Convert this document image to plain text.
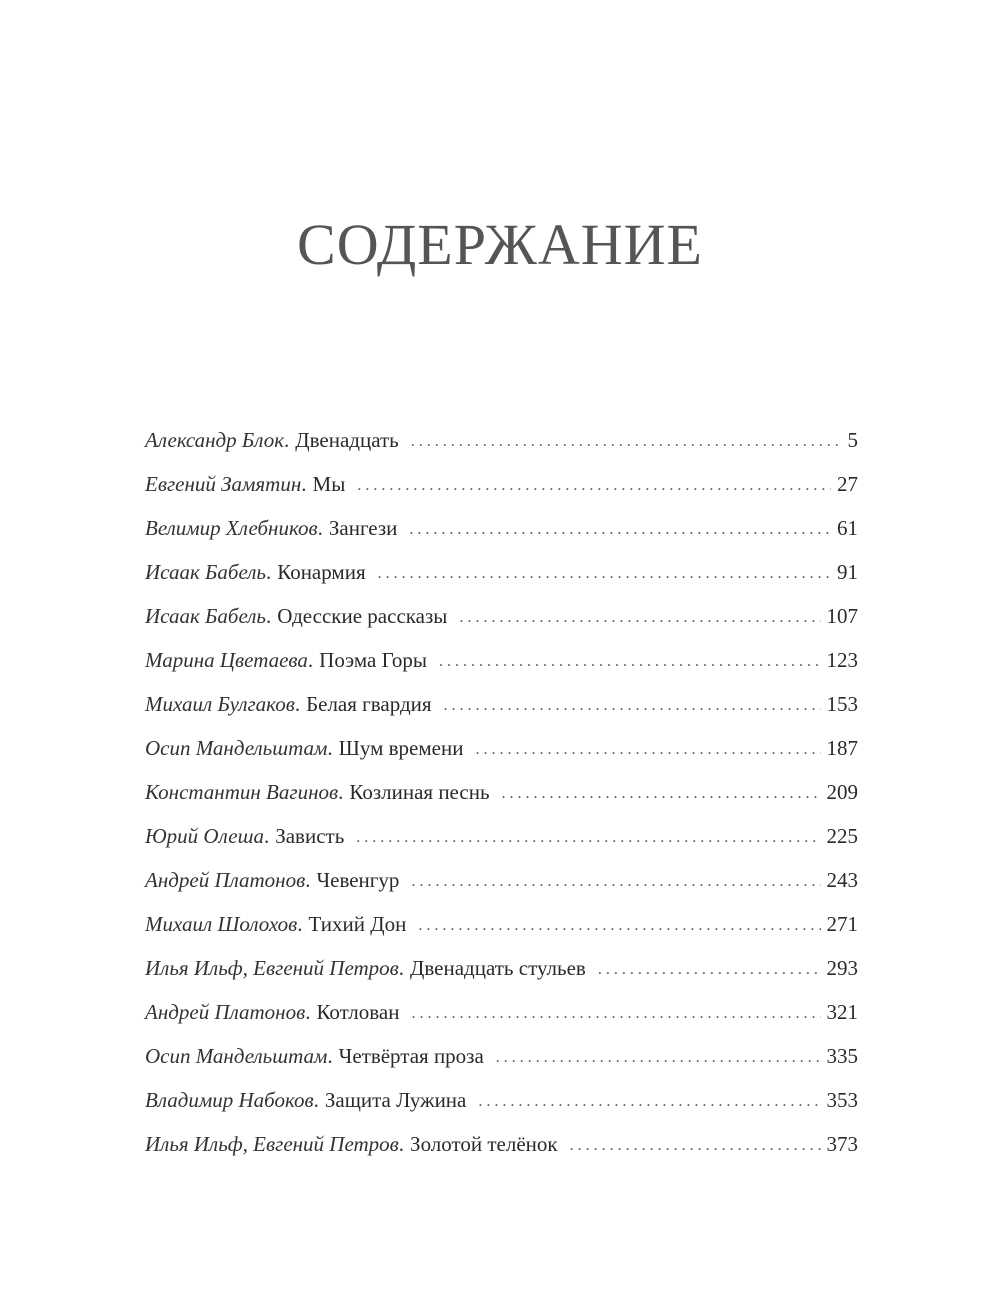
СОДЕРЖАНИЕ
Александр Блок . Двенадцать . . .	5
Евгений Замятин . Мы . . .	27
Велимир Хлебников . Зангези . . .	61
Исаак Бабель . Конармия . . .	91
Исаак Бабель . Одесские рассказы . . .	107
Марина Цветаева . Поэма Горы . . .	123
Михаил Булгаков . Белая гвардия . . .	153
Осип Мандельштам . Шум времени . . .	187
Константин Вагинов . Козлиная песнь . . .	209
Юрий Олеша . Зависть . . .	225
Андрей Платонов . Чевенгур . . .	243
Михаил Шолохов . Тихий Дон . . .	271
Илья Ильф, Евгений Петров . Двенадцать стульев . . .	293
Андрей Платонов . Котлован . . .	321
Осип Мандельштам . Четвёртая проза . . .	335
Владимир Набоков . Защита Лужина . . .	353
Илья Ильф, Евгений Петров . Золотой телёнок . . .	373
